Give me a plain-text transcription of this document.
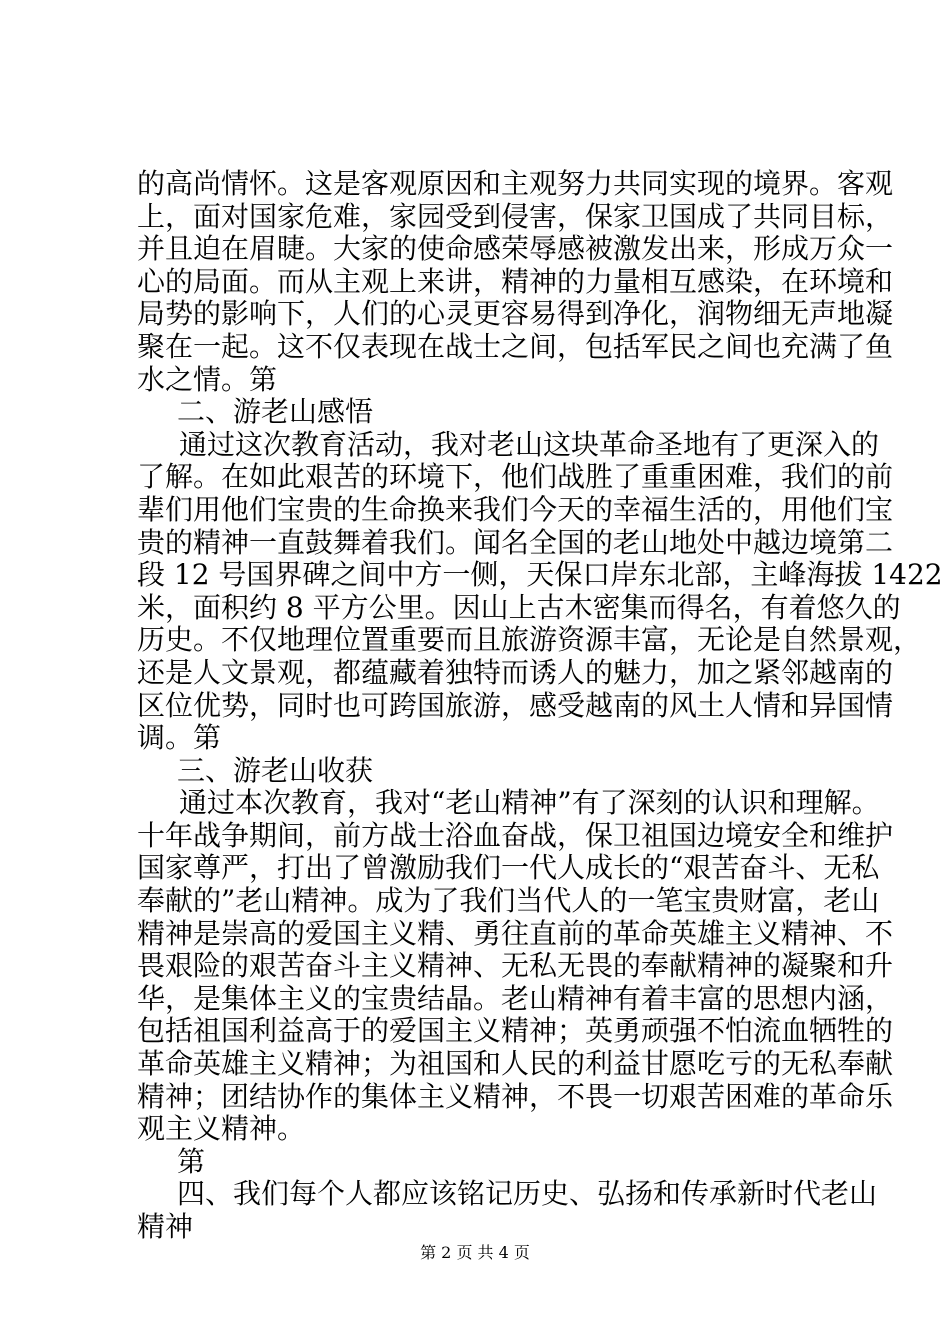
的高尚情怀。这是客观原因和主观努力共同实现的境界。客观
上，面对国家危难，家园受到侵害，保家卫国成了共同目标，
并且迫在眉睫。大家的使命感荣辱感被激发出来，形成万众一
心的局面。而从主观上来讲，精神的力量相互感染，在环境和
局势的影响下，人们的心灵更容易得到净化，润物细无声地凝
聚在一起。这不仅表现在战士之间，包括军民之间也充满了鱼
水之情。第
二、游老山感悟
通过这次教育活动，我对老山这块革命圣地有了更深入的
了解。在如此艰苦的环境下，他们战胜了重重困难，我们的前
辈们用他们宝贵的生命换来我们今天的幸福生活的，用他们宝
贵的精神一直鼓舞着我们。闻名全国的老山地处中越边境第二
段 12 号国界碑之间中方一侧，天保口岸东北部，主峰海拔 1422
米，面积约 8 平方公里。因山上古木密集而得名，有着悠久的
历史。不仅地理位置重要而且旅游资源丰富，无论是自然景观，
还是人文景观，都蕴藏着独特而诱人的魅力，加之紧邻越南的
区位优势，同时也可跨国旅游，感受越南的风土人情和异国情
调。第
三、游老山收获
通过本次教育，我对“老山精神”有了深刻的认识和理解。
十年战争期间，前方战士浴血奋战，保卫祖国边境安全和维护
国家尊严，打出了曾激励我们一代人成长的“艰苦奋斗、无私
奉献的”老山精神。成为了我们当代人的一笔宝贵财富，老山
精神是崇高的爱国主义精、勇往直前的革命英雄主义精神、不
畏艰险的艰苦奋斗主义精神、无私无畏的奉献精神的凝聚和升
华，是集体主义的宝贵结晶。老山精神有着丰富的思想内涵，
包括祖国利益高于的爱国主义精神；英勇顽强不怕流血牺牲的
革命英雄主义精神；为祖国和人民的利益甘愿吃亏的无私奉献
精神；团结协作的集体主义精神，不畏一切艰苦困难的革命乐
观主义精神。
第
四、我们每个人都应该铭记历史、弘扬和传承新时代老山
精神
第 2 页 共 4 页
